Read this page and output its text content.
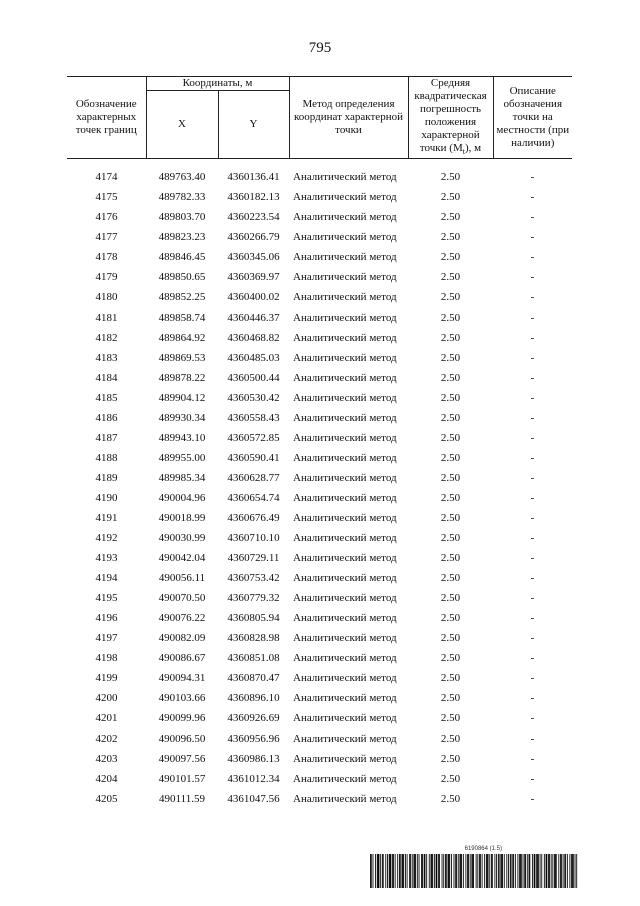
795
Обозначение характерных точек границ	Координаты, м		Метод определения координат характерной точки	Средняя квадратическая погрешность положения характерной точки $(M_t)$, м	Описание обозначения точки на местности (при наличии)
	X	Y			

4174	489763.40	4360136.41	Аналитический метод	2.50	-
4175	489782.33	4360182.13	Аналитический метод	2.50	-
4176	489803.70	4360223.54	Аналитический метод	2.50	-
4177	489823.23	4360266.79	Аналитический метод	2.50	-
4178	489846.45	4360345.06	Аналитический метод	2.50	-
4179	489850.65	4360369.97	Аналитический метод	2.50	-
4180	489852.25	4360400.02	Аналитический метод	2.50	-
4181	489858.74	4360446.37	Аналитический метод	2.50	-
4182	489864.92	4360468.82	Аналитический метод	2.50	-
4183	489869.53	4360485.03	Аналитический метод	2.50	-
4184	489878.22	4360500.44	Аналитический метод	2.50	-
4185	489904.12	4360530.42	Аналитический метод	2.50	-
4186	489930.34	4360558.43	Аналитический метод	2.50	-
4187	489943.10	4360572.85	Аналитический метод	2.50	-
4188	489955.00	4360590.41	Аналитический метод	2.50	-
4189	489985.34	4360628.77	Аналитический метод	2.50	-
4190	490004.96	4360654.74	Аналитический метод	2.50	-
4191	490018.99	4360676.49	Аналитический метод	2.50	-
4192	490030.99	4360710.10	Аналитический метод	2.50	-
4193	490042.04	4360729.11	Аналитический метод	2.50	-
4194	490056.11	4360753.42	Аналитический метод	2.50	-
4195	490070.50	4360779.32	Аналитический метод	2.50	-
4196	490076.22	4360805.94	Аналитический метод	2.50	-
4197	490082.09	4360828.98	Аналитический метод	2.50	-
4198	490086.67	4360851.08	Аналитический метод	2.50	-
4199	490094.31	4360870.47	Аналитический метод	2.50	-
4200	490103.66	4360896.10	Аналитический метод	2.50	-
4201	490099.96	4360926.69	Аналитический метод	2.50	-
4202	490096.50	4360956.96	Аналитический метод	2.50	-
4203	490097.56	4360986.13	Аналитический метод	2.50	-
4204	490101.57	4361012.34	Аналитический метод	2.50	-
4205	490111.59	4361047.56	Аналитический метод	2.50	-
6190864 (1.5)
